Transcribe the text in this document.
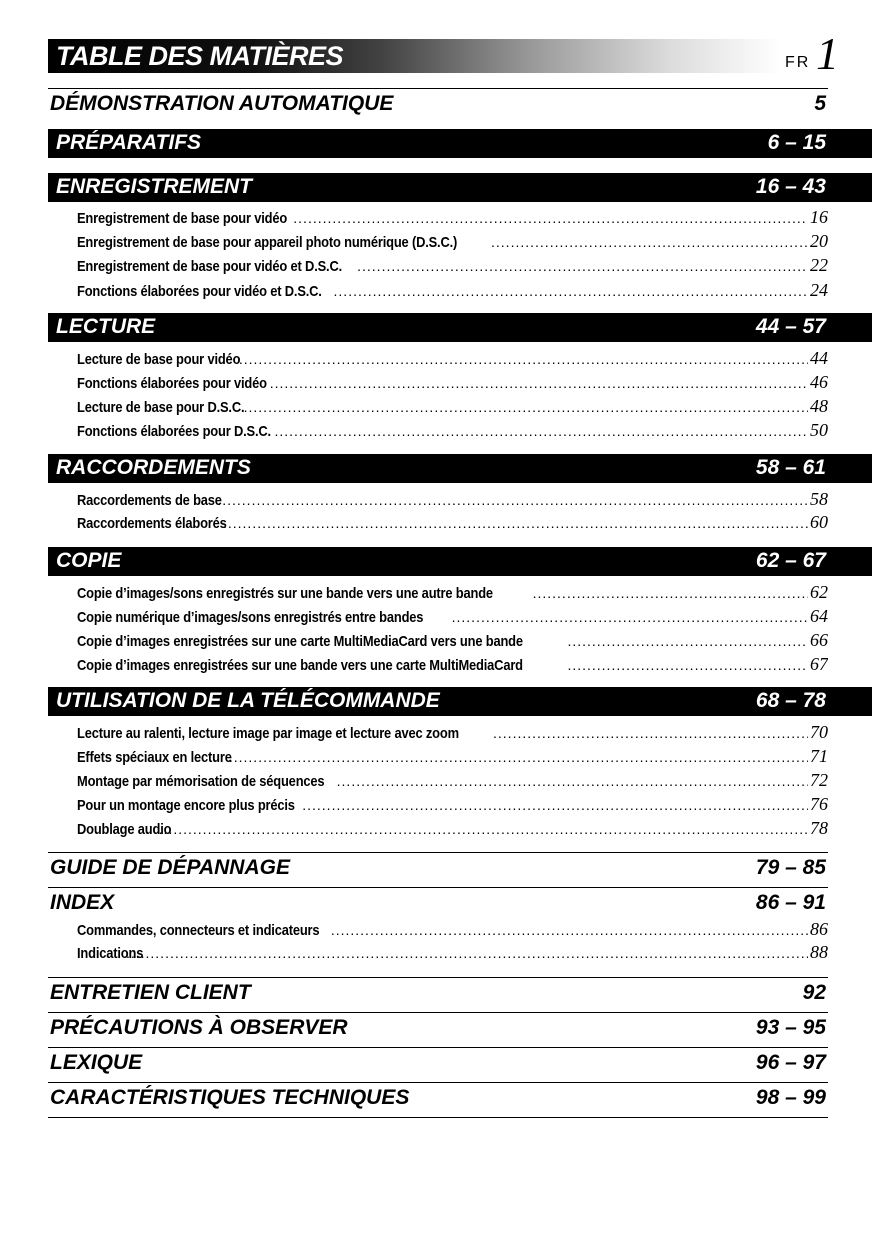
TABLE DES MATIÈRES	FR 1
DÉMONSTRATION AUTOMATIQUE	5
PRÉPARATIFS	6 – 15
ENREGISTREMENT	16 – 43
Enregistrement de base pour vidéo .....	16
Enregistrement de base pour appareil photo numérique (D.S.C.) .....	20
Enregistrement de base pour vidéo et D.S.C. .....	22
Fonctions élaborées pour vidéo et D.S.C. .....	24
LECTURE	44 – 57
Lecture de base pour vidéo .....	44
Fonctions élaborées pour vidéo .....	46
Lecture de base pour D.S.C. .....	48
Fonctions élaborées pour D.S.C. .....	50
RACCORDEMENTS	58 – 61
Raccordements de base .....	58
Raccordements élaborés .....	60
COPIE	62 – 67
Copie d’images/sons enregistrés sur une bande vers une autre bande .....	62
Copie numérique d’images/sons enregistrés entre bandes .....	64
Copie d’images enregistrées sur une carte MultiMediaCard vers une bande .....	66
Copie d’images enregistrées sur une bande vers une carte MultiMediaCard .....	67
UTILISATION DE LA TÉLÉCOMMANDE	68 – 78
Lecture au ralenti, lecture image par image et lecture avec zoom .....	70
Effets spéciaux en lecture .....	71
Montage par mémorisation de séquences .....	72
Pour un montage encore plus précis .....	76
Doublage audio .....	78
GUIDE DE DÉPANNAGE	79 – 85
INDEX	86 – 91
Commandes, connecteurs et indicateurs .....	86
Indications .....	88
ENTRETIEN CLIENT	92
PRÉCAUTIONS À OBSERVER	93 – 95
LEXIQUE	96 – 97
CARACTÉRISTIQUES TECHNIQUES	98 – 99
